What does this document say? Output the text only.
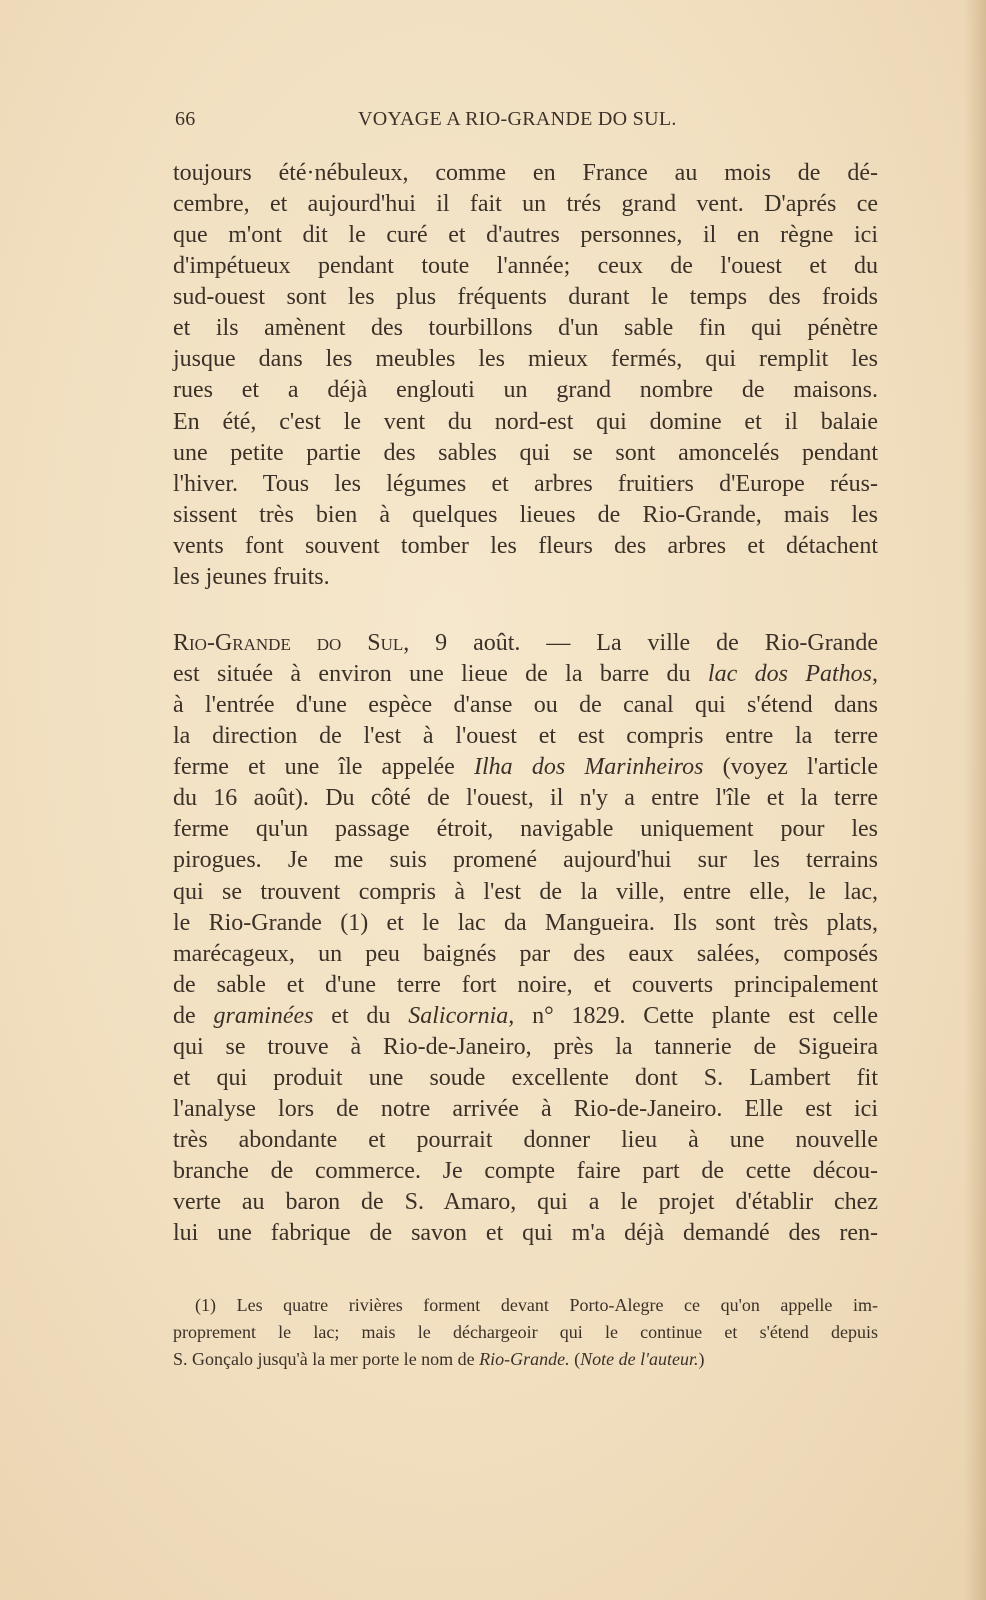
66	VOYAGE A RIO-GRANDE DO SUL.
toujours été·nébuleux, comme en France au mois de dé-
cembre, et aujourd'hui il fait un trés grand vent. D'aprés ce
que m'ont dit le curé et d'autres personnes, il en règne ici
d'impétueux pendant toute l'année; ceux de l'ouest et du
sud-ouest sont les plus fréquents durant le temps des froids
et ils amènent des tourbillons d'un sable fin qui pénètre
jusque dans les meubles les mieux fermés, qui remplit les
rues et a déjà englouti un grand nombre de maisons.
En été, c'est le vent du nord-est qui domine et il balaie
une petite partie des sables qui se sont amoncelés pendant
l'hiver. Tous les légumes et arbres fruitiers d'Europe réus-
sissent très bien à quelques lieues de Rio-Grande, mais les
vents font souvent tomber les fleurs des arbres et détachent
les jeunes fruits.
Rio-Grande do Sul, 9 août. — La ville de Rio-Grande
est située à environ une lieue de la barre du lac dos Pathos,
à l'entrée d'une espèce d'anse ou de canal qui s'étend dans
la direction de l'est à l'ouest et est compris entre la terre
ferme et une île appelée Ilha dos Marinheiros (voyez l'article
du 16 août). Du côté de l'ouest, il n'y a entre l'île et la terre
ferme qu'un passage étroit, navigable uniquement pour les
pirogues. Je me suis promené aujourd'hui sur les terrains
qui se trouvent compris à l'est de la ville, entre elle, le lac,
le Rio-Grande (1) et le lac da Mangueira. Ils sont très plats,
marécageux, un peu baignés par des eaux salées, composés
de sable et d'une terre fort noire, et couverts principalement
de graminées et du Salicornia, n° 1829. Cette plante est celle
qui se trouve à Rio-de-Janeiro, près la tannerie de Sigueira
et qui produit une soude excellente dont S. Lambert fit
l'analyse lors de notre arrivée à Rio-de-Janeiro. Elle est ici
très abondante et pourrait donner lieu à une nouvelle
branche de commerce. Je compte faire part de cette décou-
verte au baron de S. Amaro, qui a le projet d'établir chez
lui une fabrique de savon et qui m'a déjà demandé des ren-
(1) Les quatre rivières forment devant Porto-Alegre ce qu'on appelle im-
proprement le lac; mais le déchargeoir qui le continue et s'étend depuis
S. Gonçalo jusqu'à la mer porte le nom de Rio-Grande. (Note de l'auteur.)
